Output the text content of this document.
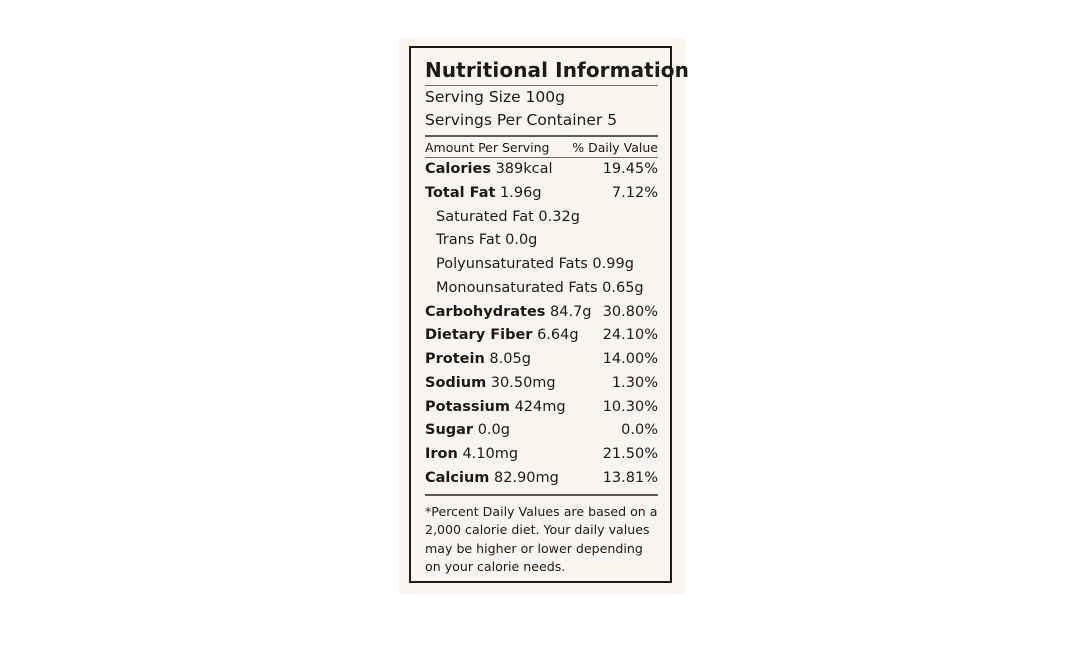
Nutritional Information
Serving Size 100g
Servings Per Container 5
Amount Per Serving % Daily Value
Calories 389kcal	19.45%
Total Fat 1.96g	7.12%
Saturated Fat 0.32g
Trans Fat 0.0g
Polyunsaturated Fats 0.99g
Monounsaturated Fats 0.65g
Carbohydrates 84.7g 30.80%
Dietary Fiber 6.64g 24.10%
Protein 8.05g	14.00%
Sodium 30.50mg	1.30%
Potassium 424mg	10.30%
Sugar 0.0g	0.0%
Iron 4.10mg	21.50%
Calcium 82.90mg	13.81%
*Percent Daily Values are based on a 2,000 calorie diet. Your daily values may be higher or lower depending on your calorie needs.
